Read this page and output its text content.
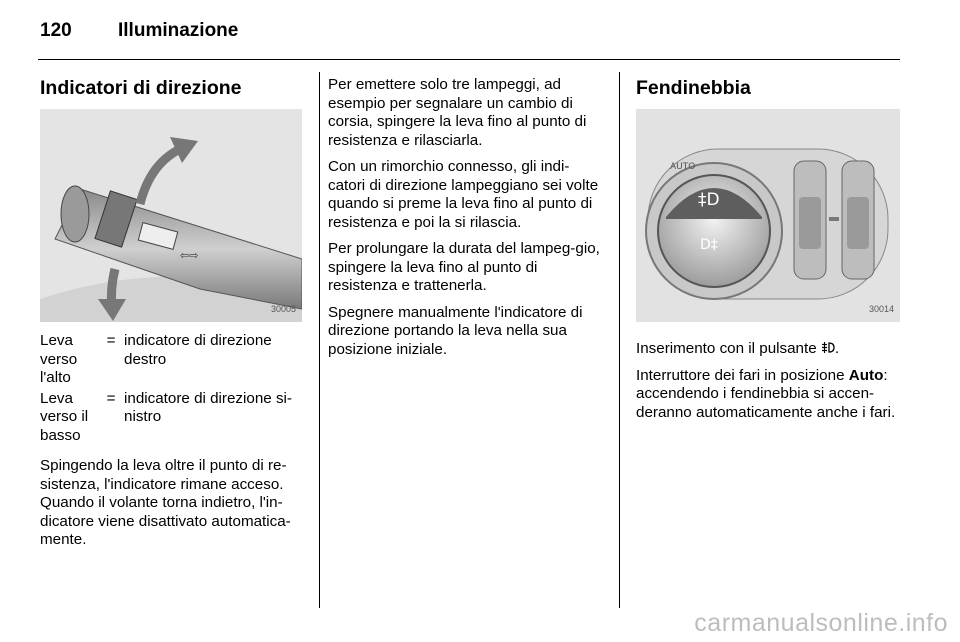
120 Illuminazione
Indicatori di direzione
⇦⇨
30005
Leva verso l'alto
= indicatore di direzione destro
Leva verso il basso
= indicatore di direzione si-nistro

Spingendo la leva oltre il punto di re-sistenza, l'indicatore rimane acceso. Quando il volante torna indietro, l'in-dicatore viene disattivato automatica-mente.

Per emettere solo tre lampeggi, ad esempio per segnalare un cambio di corsia, spingere la leva fino al punto di resistenza e rilasciarla.

Con un rimorchio connesso, gli indi-catori di direzione lampeggiano sei volte quando si preme la leva fino al punto di resistenza e poi la si rilascia.

Per prolungare la durata del lampeg-gio, spingere la leva fino al punto di resistenza e trattenerla.

Spegnere manualmente l'indicatore di direzione portando la leva nella sua posizione iniziale.

Fendinebbia
‡D
D‡
AUTO
30014

Inserimento con il pulsante .

Interruttore dei fari in posizione Auto: accendendo i fendinebbia si accen-deranno automaticamente anche i fari.

carmanualsonline.info
